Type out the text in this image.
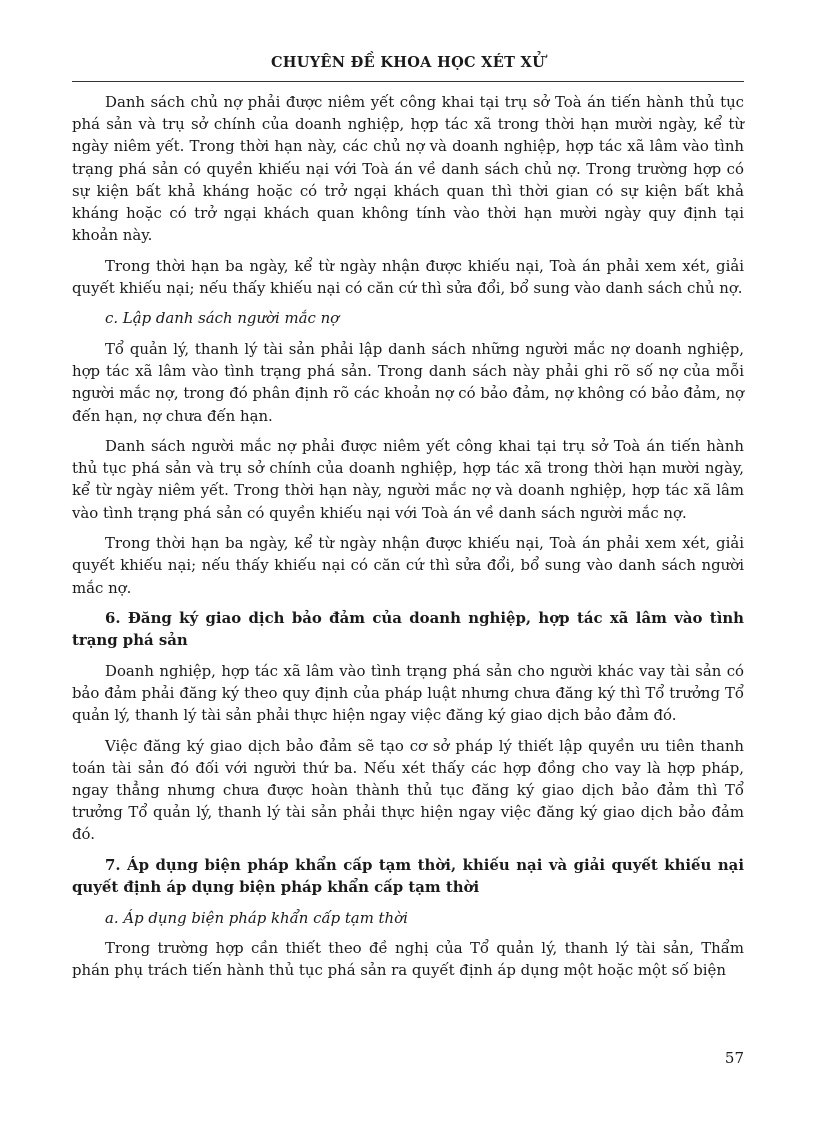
CHUYÊN ĐỀ KHOA HỌC XÉT XỬ

Danh sách chủ nợ phải được niêm yết công khai tại trụ sở Toà án tiến hành thủ tục phá sản và trụ sở chính của doanh nghiệp, hợp tác xã trong thời hạn mười ngày, kể từ ngày niêm yết. Trong thời hạn này, các chủ nợ và doanh nghiệp, hợp tác xã lâm vào tình trạng phá sản có quyền khiếu nại với Toà án về danh sách chủ nợ. Trong trường hợp có sự kiện bất khả kháng hoặc có trở ngại khách quan thì thời gian có sự kiện bất khả kháng hoặc có trở ngại khách quan không tính vào thời hạn mười ngày quy định tại khoản này.

Trong thời hạn ba ngày, kể từ ngày nhận được khiếu nại, Toà án phải xem xét, giải quyết khiếu nại; nếu thấy khiếu nại có căn cứ thì sửa đổi, bổ sung vào danh sách chủ nợ.

c. Lập danh sách người mắc nợ

Tổ quản lý, thanh lý tài sản phải lập danh sách những người mắc nợ doanh nghiệp, hợp tác xã lâm vào tình trạng phá sản. Trong danh sách này phải ghi rõ số nợ của mỗi người mắc nợ, trong đó phân định rõ các khoản nợ có bảo đảm, nợ không có bảo đảm, nợ đến hạn, nợ chưa đến hạn.

Danh sách người mắc nợ phải được niêm yết công khai tại trụ sở Toà án tiến hành thủ tục phá sản và trụ sở chính của doanh nghiệp, hợp tác xã trong thời hạn mười ngày, kể từ ngày niêm yết. Trong thời hạn này, người mắc nợ và doanh nghiệp, hợp tác xã lâm vào tình trạng phá sản có quyền khiếu nại với Toà án về danh sách người mắc nợ.

Trong thời hạn ba ngày, kể từ ngày nhận được khiếu nại, Toà án phải xem xét, giải quyết khiếu nại; nếu thấy khiếu nại có căn cứ thì sửa đổi, bổ sung vào danh sách người mắc nợ.

6. Đăng ký giao dịch bảo đảm của doanh nghiệp, hợp tác xã lâm vào tình trạng phá sản

Doanh nghiệp, hợp tác xã lâm vào tình trạng phá sản cho người khác vay tài sản có bảo đảm phải đăng ký theo quy định của pháp luật nhưng chưa đăng ký thì Tổ trưởng Tổ quản lý, thanh lý tài sản phải thực hiện ngay việc đăng ký giao dịch bảo đảm đó.

Việc đăng ký giao dịch bảo đảm sẽ tạo cơ sở pháp lý thiết lập quyền ưu tiên thanh toán tài sản đó đối với người thứ ba. Nếu xét thấy các hợp đồng cho vay là hợp pháp, ngay thẳng nhưng chưa được hoàn thành thủ tục đăng ký giao dịch bảo đảm thì Tổ trưởng Tổ quản lý, thanh lý tài sản phải thực hiện ngay việc đăng ký giao dịch bảo đảm đó.

7. Áp dụng biện pháp khẩn cấp tạm thời, khiếu nại và giải quyết khiếu nại quyết định áp dụng biện pháp khẩn cấp tạm thời

a. Áp dụng biện pháp khẩn cấp tạm thời

Trong trường hợp cần thiết theo đề nghị của Tổ quản lý, thanh lý tài sản, Thẩm phán phụ trách tiến hành thủ tục phá sản ra quyết định áp dụng một hoặc một số biện

57
